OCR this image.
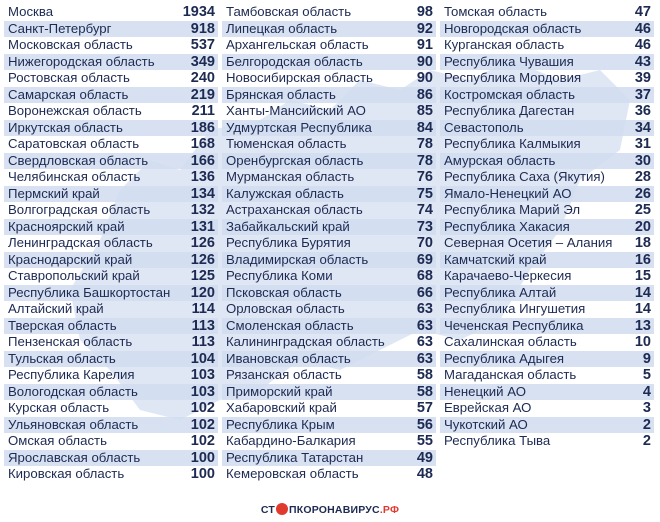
Москва	1934
Санкт-Петербург	918
Московская область	537
Нижегородская область 349
Ростовская область	240
Самарская область	219
Воронежская область	211
Иркутская область	186
Саратовская область	168
Свердловская область	166
Челябинская область	136
Пермский край	134
Волгоградская область	132
Красноярский край	131
Ленинградская область	126
Краснодарский край	126
Ставропольский край	125
Республика Башкортостан 120
Алтайский край	114
Тверская область	113
Пензенская область	113
Тульская область	104
Республика Карелия	103
Вологодская область	103
Курская область	102
Ульяновская область	102
Омская область	102
Ярославская область	100
Кировская область	100
Тамбовская область	98
Липецкая область	92
Архангельская область	91
Белгородская область	90
Новосибирская область	90
Брянская область	86
Ханты-Мансийский АО	85
Удмуртская Республика	84
Тюменская область	78
Оренбургская область	78
Мурманская область	76
Калужская область	75
Астраханская область	74
Забайкальский край	73
Республика Бурятия	70
Владимирская область	69
Республика Коми	68
Псковская область	66
Орловская область	63
Смоленская область	63
Калининградская область 63
Ивановская область	63
Рязанская область	58
Приморский край	58
Хабаровский край	57
Республика Крым	56
Кабардино-Балкария	55
Республика Татарстан	49
Кемеровская область	48
Томская область	47
Новгородская область	46
Курганская область	46
Республика Чувашия	43
Республика Мордовия	39
Костромская область	37
Республика Дагестан	36
Севастополь	34
Республика Калмыкия	31
Амурская область	30
Республика Саха (Якутия) 28
Ямало-Ненецкий АО	26
Республика Марий Эл	25
Республика Хакасия	20
Северная Осетия – Алания 18
Камчатский край	16
Карачаево-Черкесия	15
Республика Алтай	14
Республика Ингушетия	14
Чеченская Республика	13
Сахалинская область	10
Республика Адыгея	9
Магаданская область	5
Ненецкий АО	4
Еврейская АО	3
Чукотский АО	2
Республика Тыва	2
СТ ПКОРОНАВИРУС.РФ
